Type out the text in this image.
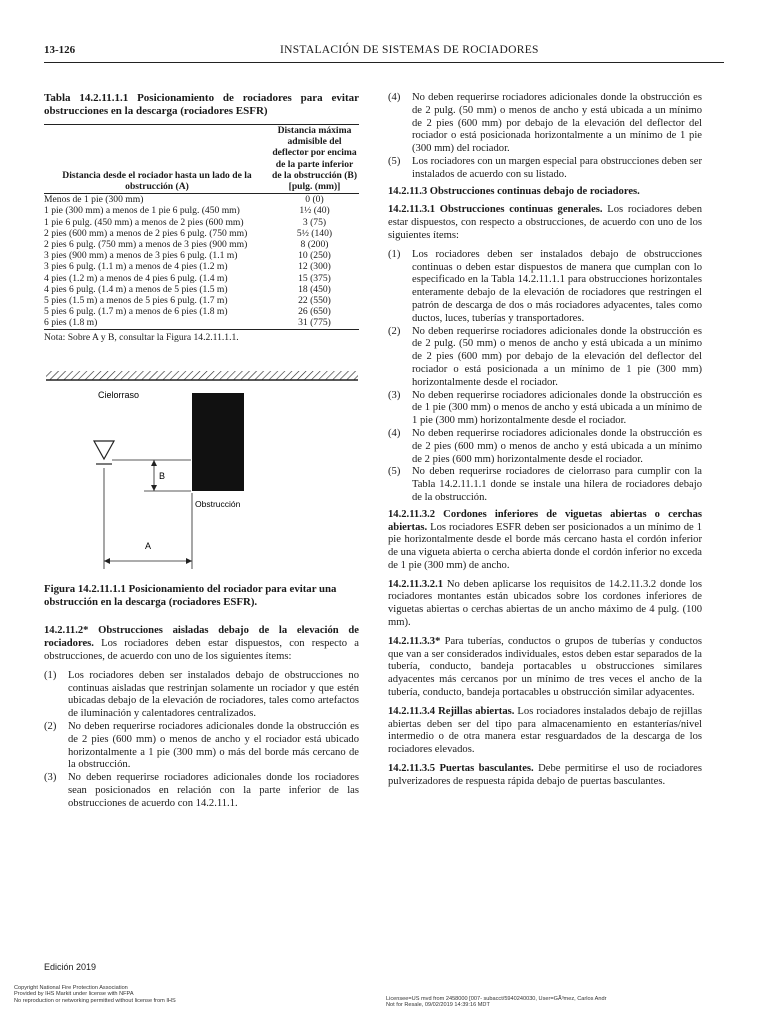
13-126	INSTALACIÓN DE SISTEMAS DE ROCIADORES
Tabla 14.2.11.1.1 Posicionamiento de rociadores para evitar obstrucciones en la descarga (rociadores ESFR)
Distancia desde el rociador hasta un lado de la obstrucción (A)	Distancia máxima admisible del deflector por encima de la parte inferior de la obstrucción (B) [pulg. (mm)]
Menos de 1 pie (300 mm)	0 (0)
1 pie (300 mm) a menos de 1 pie 6 pulg. (450 mm)	1½ (40)
1 pie 6 pulg. (450 mm) a menos de 2 pies (600 mm)	3 (75)
2 pies (600 mm) a menos de 2 pies 6 pulg. (750 mm)	5½ (140)
2 pies 6 pulg. (750 mm) a menos de 3 pies (900 mm)	8 (200)
3 pies (900 mm) a menos de 3 pies 6 pulg. (1.1 m)	10 (250)
3 pies 6 pulg. (1.1 m) a menos de 4 pies (1.2 m)	12 (300)
4 pies (1.2 m) a menos de 4 pies 6 pulg. (1.4 m)	15 (375)
4 pies 6 pulg. (1.4 m) a menos de 5 pies (1.5 m)	18 (450)
5 pies (1.5 m) a menos de 5 pies 6 pulg. (1.7 m)	22 (550)
5 pies 6 pulg. (1.7 m) a menos de 6 pies (1.8 m)	26 (650)
6 pies (1.8 m)	31 (775)
Nota: Sobre A y B, consultar la Figura 14.2.11.1.1.
Cielorraso
B
Obstrucción
A
Figura 14.2.11.1.1 Posicionamiento del rociador para evitar una obstrucción en la descarga (rociadores ESFR).

14.2.11.2* Obstrucciones aisladas debajo de la elevación de rociadores. Los rociadores deben estar dispuestos, con respecto a obstrucciones, de acuerdo con uno de los siguientes ítems:

(1)	Los rociadores deben ser instalados debajo de obstrucciones no continuas aisladas que restrinjan solamente un rociador y que estén ubicadas debajo de la elevación de rociadores, tales como artefactos de iluminación y calentadores centralizados.
(2)	No deben requerirse rociadores adicionales donde la obstrucción es de 2 pies (600 mm) o menos de ancho y el rociador está ubicado horizontalmente a 1 pie (300 mm) o más del borde más cercano de la obstrucción.
(3)	No deben requerirse rociadores adicionales donde los rociadores sean posicionados en relación con la parte inferior de las obstrucciones de acuerdo con 14.2.11.1.
(4)	No deben requerirse rociadores adicionales donde la obstrucción es de 2 pulg. (50 mm) o menos de ancho y está ubicada a un mínimo de 2 pies (600 mm) por debajo de la elevación del deflector del rociador o está posicionada horizontalmente a un mínimo de 1 pie (300 mm) del rociador.
(5)	Los rociadores con un margen especial para obstrucciones deben ser instalados de acuerdo con su listado.

14.2.11.3 Obstrucciones continuas debajo de rociadores.

14.2.11.3.1 Obstrucciones continuas generales. Los rociadores deben estar dispuestos, con respecto a obstrucciones, de acuerdo con uno de los siguientes ítems:

(1)	Los rociadores deben ser instalados debajo de obstrucciones continuas o deben estar dispuestos de manera que cumplan con lo especificado en la Tabla 14.2.11.1.1 para obstrucciones horizontales enteramente debajo de la elevación de rociadores que restringen el patrón de descarga de dos o más rociadores adyacentes, tales como ductos, luces, tuberías y transportadores.
(2)	No deben requerirse rociadores adicionales donde la obstrucción es de 2 pulg. (50 mm) o menos de ancho y está ubicada a un mínimo de 2 pies (600 mm) por debajo de la elevación del deflector del rociador o está posicionada a un mínimo de 1 pie (300 mm) horizontalmente desde el rociador.
(3)	No deben requerirse rociadores adicionales donde la obstrucción es de 1 pie (300 mm) o menos de ancho y está ubicada a un mínimo de 1 pie (300 mm) horizontalmente desde el rociador.
(4)	No deben requerirse rociadores adicionales donde la obstrucción es de 2 pies (600 mm) o menos de ancho y está ubicada a un mínimo de 2 pies (600 mm) horizontalmente desde el rociador.
(5)	No deben requerirse rociadores de cielorraso para cumplir con la Tabla 14.2.11.1.1 donde se instale una hilera de rociadores debajo de la obstrucción.

14.2.11.3.2 Cordones inferiores de viguetas abiertas o cerchas abiertas. Los rociadores ESFR deben ser posicionados a un mínimo de 1 pie horizontalmente desde el borde más cercano hasta el cordón inferior de una vigueta abierta o cercha abierta donde el cordón inferior no exceda de 1 pie (300 mm) de ancho.

14.2.11.3.2.1 No deben aplicarse los requisitos de 14.2.11.3.2 donde los rociadores montantes están ubicados sobre los cordones inferiores de viguetas abiertas o cerchas abiertas de un ancho máximo de 4 pulg. (100 mm).

14.2.11.3.3* Para tuberías, conductos o grupos de tuberías y conductos que van a ser considerados individuales, estos deben estar separados de la tubería, conducto, bandeja portacables u obstrucciones similares adyacentes más cercanos por un mínimo de tres veces el ancho de la tubería, conducto, bandeja portacables u obstrucción similar adyacentes.

14.2.11.3.4 Rejillas abiertas. Los rociadores instalados debajo de rejillas abiertas deben ser del tipo para almacenamiento en estanterías/nivel intermedio o de otra manera estar resguardados de la descarga de los rociadores elevados.

14.2.11.3.5 Puertas basculantes. Debe permitirse el uso de rociadores pulverizadores de respuesta rápida debajo de puertas basculantes.

Edición 2019
Copyright National Fire Protection Association
Provided by IHS Markit under license with NFPA
No reproduction or networking permitted without license from IHS	Licensee=US mvd from 2458000 [007- subacct/5940240030, User=GÃ³mez, Carlos Andr
Not for Resale, 09/02/2019 14:39:16 MDT
